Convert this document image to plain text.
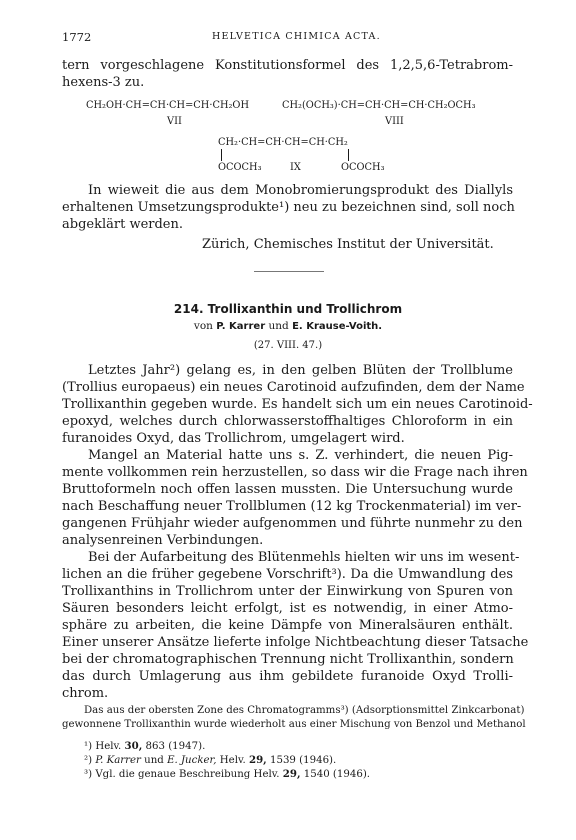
1772	HELVETICA CHIMICA ACTA.
tern vorgeschlagene Konstitutionsformel des 1,2,5,6-Tetrabrom-
hexens-3 zu.
CH₂OH·CH=CH·CH=CH·CH₂OH
VII
CH₂(OCH₃)·CH=CH·CH=CH·CH₂OCH₃
VIII
CH₂·CH=CH·CH=CH·CH₂
OCOCH₃	IX	OCOCH₃
In wieweit die aus dem Monobromierungsprodukt des Diallyls
erhaltenen Umsetzungsprodukte¹) neu zu bezeichnen sind, soll noch
abgeklärt werden.
Zürich, Chemisches Institut der Universität.
214. Trollixanthin und Trollichrom
von P. Karrer und E. Krause-Voith.
(27. VIII. 47.)
Letztes Jahr²) gelang es, in den gelben Blüten der Trollblume
(Trollius europaeus) ein neues Carotinoid aufzufinden, dem der Name
Trollixanthin gegeben wurde. Es handelt sich um ein neues Carotinoid-
epoxyd, welches durch chlorwasserstoffhaltiges Chloroform in ein
furanoides Oxyd, das Trollichrom, umgelagert wird.
Mangel an Material hatte uns s. Z. verhindert, die neuen Pig-
mente vollkommen rein herzustellen, so dass wir die Frage nach ihren
Bruttoformeln noch offen lassen mussten. Die Untersuchung wurde
nach Beschaffung neuer Trollblumen (12 kg Trockenmaterial) im ver-
gangenen Frühjahr wieder aufgenommen und führte nunmehr zu den
analysenreinen Verbindungen.
Bei der Aufarbeitung des Blütenmehls hielten wir uns im wesent-
lichen an die früher gegebene Vorschrift³). Da die Umwandlung des
Trollixanthins in Trollichrom unter der Einwirkung von Spuren von
Säuren besonders leicht erfolgt, ist es notwendig, in einer Atmo-
sphäre zu arbeiten, die keine Dämpfe von Mineralsäuren enthält.
Einer unserer Ansätze lieferte infolge Nichtbeachtung dieser Tatsache
bei der chromatographischen Trennung nicht Trollixanthin, sondern
das durch Umlagerung aus ihm gebildete furanoide Oxyd Trolli-
chrom.
Das aus der obersten Zone des Chromatogramms³) (Adsorptionsmittel Zinkcarbonat)
gewonnene Trollixanthin wurde wiederholt aus einer Mischung von Benzol und Methanol
¹) Helv. 30, 863 (1947).
²) P. Karrer und E. Jucker, Helv. 29, 1539 (1946).
³) Vgl. die genaue Beschreibung Helv. 29, 1540 (1946).
